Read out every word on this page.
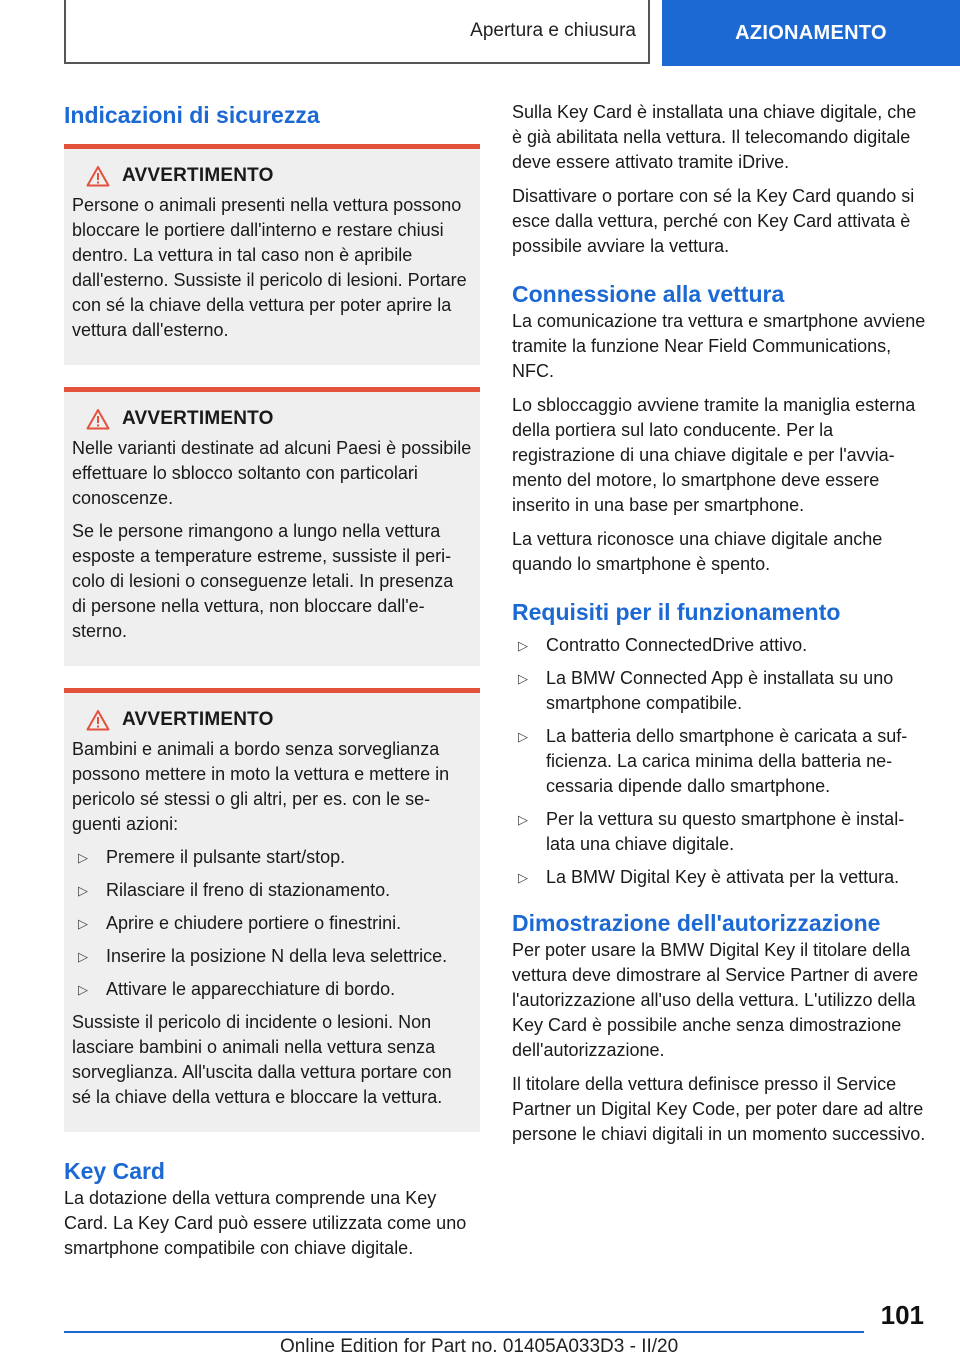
Apertura e chiusura	AZIONAMENTO
Indicazioni di sicurezza
AVVERTIMENTO

Persone o animali presenti nella vettura possono bloccare le portiere dall'interno e restare chiusi dentro. La vettura in tal caso non è apribile dall'esterno. Sussiste il pericolo di lesioni. Portare con sé la chiave della vettura per poter aprire la vettura dall'esterno.

AVVERTIMENTO

Nelle varianti destinate ad alcuni Paesi è possibile effettuare lo sblocco soltanto con particolari conoscenze.

Se le persone rimangono a lungo nella vettura esposte a temperature estreme, sussiste il pericolo di lesioni o conseguenze letali. In presenza di persone nella vettura, non bloccare dall'esterno.

AVVERTIMENTO

Bambini e animali a bordo senza sorveglianza possono mettere in moto la vettura e mettere in pericolo sé stessi o gli altri, per es. con le seguenti azioni:

▷ Premere il pulsante start/stop.
▷ Rilasciare il freno di stazionamento.
▷ Aprire e chiudere portiere o finestrini.
▷ Inserire la posizione N della leva selettrice.
▷ Attivare le apparecchiature di bordo.

Sussiste il pericolo di incidente o lesioni. Non lasciare bambini o animali nella vettura senza sorveglianza. All'uscita dalla vettura portare con sé la chiave della vettura e bloccare la vettura.

Key Card

La dotazione della vettura comprende una Key Card. La Key Card può essere utilizzata come uno smartphone compatibile con chiave digitale.

Sulla Key Card è installata una chiave digitale, che è già abilitata nella vettura. Il telecomando digitale deve essere attivato tramite iDrive.

Disattivare o portare con sé la Key Card quando si esce dalla vettura, perché con Key Card attivata è possibile avviare la vettura.

Connessione alla vettura

La comunicazione tra vettura e smartphone avviene tramite la funzione Near Field Communications, NFC.

Lo sbloccaggio avviene tramite la maniglia esterna della portiera sul lato conducente. Per la registrazione di una chiave digitale e per l'avviamento del motore, lo smartphone deve essere inserito in una base per smartphone.

La vettura riconosce una chiave digitale anche quando lo smartphone è spento.

Requisiti per il funzionamento
▷ Contratto ConnectedDrive attivo.
▷ La BMW Connected App è installata su uno smartphone compatibile.
▷ La batteria dello smartphone è caricata a sufficienza. La carica minima della batteria necessaria dipende dallo smartphone.
▷ Per la vettura su questo smartphone è installata una chiave digitale.
▷ La BMW Digital Key è attivata per la vettura.
Dimostrazione dell'autorizzazione

Per poter usare la BMW Digital Key il titolare della vettura deve dimostrare al Service Partner di avere l'autorizzazione all'uso della vettura. L'utilizzo della Key Card è possibile anche senza dimostrazione dell'autorizzazione.

Il titolare della vettura definisce presso il Service Partner un Digital Key Code, per poter dare ad altre persone le chiavi digitali in un momento successivo.

101
Online Edition for Part no. 01405A033D3 - II/20
